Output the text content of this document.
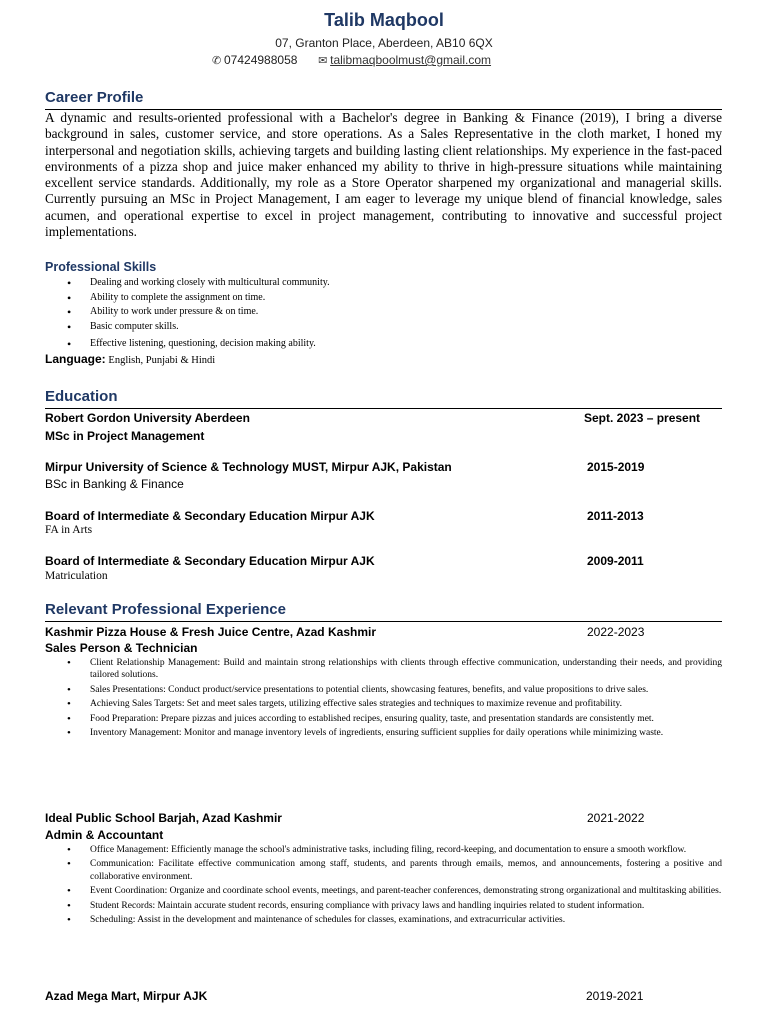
Talib Maqbool
07, Granton Place, Aberdeen, AB10 6QX
✆ 07424988058 ✉ talibmaqboolmust@gmail.com
Career Profile

A dynamic and results-oriented professional with a Bachelor's degree in Banking & Finance (2019), I bring a diverse background in sales, customer service, and store operations. As a Sales Representative in the cloth market, I honed my interpersonal and negotiation skills, achieving targets and building lasting client relationships. My experience in the fast-paced environments of a pizza shop and juice maker enhanced my ability to thrive in high-pressure situations while maintaining excellent service standards. Additionally, my role as a Store Operator sharpened my organizational and managerial skills. Currently pursuing an MSc in Project Management, I am eager to leverage my unique blend of financial knowledge, sales acumen, and operational expertise to excel in project management, contributing to innovative and successful project implementations.

Professional Skills
• Dealing and working closely with multicultural community.
• Ability to complete the assignment on time.
• Ability to work under pressure & on time.
• Basic computer skills.
• Effective listening, questioning, decision making ability.
Language: English, Punjabi & Hindi
Education
Robert Gordon University Aberdeen	Sept. 2023 – present
MSc in Project Management
Mirpur University of Science & Technology MUST, Mirpur AJK, Pakistan	2015-2019
BSc in Banking & Finance
Board of Intermediate & Secondary Education Mirpur AJK	2011-2013
FA in Arts
Board of Intermediate & Secondary Education Mirpur AJK	2009-2011
Matriculation
Relevant Professional Experience
Kashmir Pizza House & Fresh Juice Centre, Azad Kashmir	2022-2023
Sales Person & Technician
• Client Relationship Management: Build and maintain strong relationships with clients through effective communication, understanding their needs, and providing tailored solutions.
• Sales Presentations: Conduct product/service presentations to potential clients, showcasing features, benefits, and value propositions to drive sales.
• Achieving Sales Targets: Set and meet sales targets, utilizing effective sales strategies and techniques to maximize revenue and profitability.
• Food Preparation: Prepare pizzas and juices according to established recipes, ensuring quality, taste, and presentation standards are consistently met.
• Inventory Management: Monitor and manage inventory levels of ingredients, ensuring sufficient supplies for daily operations while minimizing waste.
Ideal Public School Barjah, Azad Kashmir	2021-2022
Admin & Accountant
• Office Management: Efficiently manage the school's administrative tasks, including filing, record-keeping, and documentation to ensure a smooth workflow.
• Communication: Facilitate effective communication among staff, students, and parents through emails, memos, and announcements, fostering a positive and collaborative environment.
• Event Coordination: Organize and coordinate school events, meetings, and parent-teacher conferences, demonstrating strong organizational and multitasking abilities.
• Student Records: Maintain accurate student records, ensuring compliance with privacy laws and handling inquiries related to student information.
• Scheduling: Assist in the development and maintenance of schedules for classes, examinations, and extracurricular activities.
Azad Mega Mart, Mirpur AJK	2019-2021
